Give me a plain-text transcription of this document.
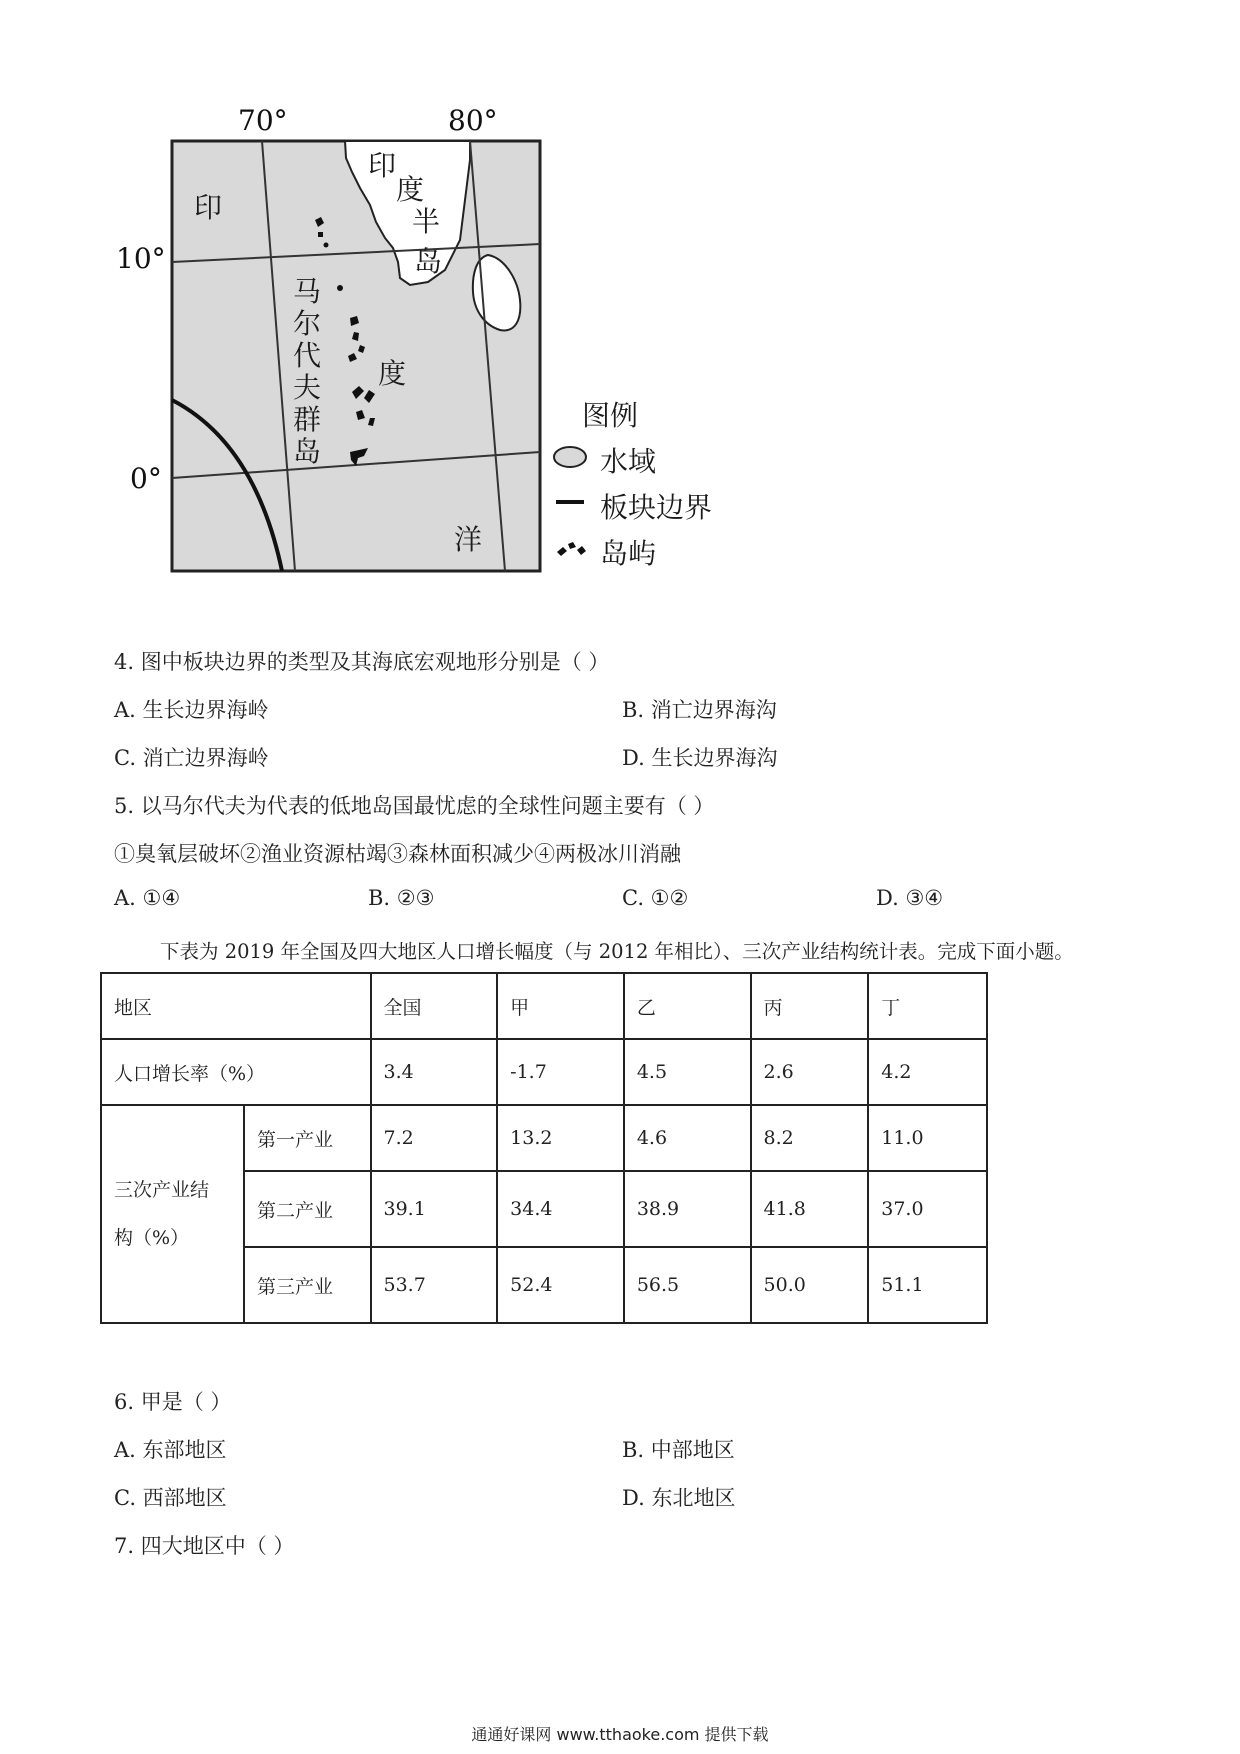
70°	80°
10°
0°
印
度
半
岛
马
尔
代
夫
群
岛
印
度
洋
图例
水域
板块边界
岛屿
4. 图中板块边界的类型及其海底宏观地形分别是（ ）
A. 生长边界海岭	B. 消亡边界海沟
C. 消亡边界海岭	D. 生长边界海沟
5. 以马尔代夫为代表的低地岛国最忧虑的全球性问题主要有（ ）
①臭氧层破坏②渔业资源枯竭③森林面积减少④两极冰川消融
A. ①④	B. ②③	C. ①②	D. ③④
下表为 2019 年全国及四大地区人口增长幅度（与 2012 年相比）、三次产业结构统计表。完成下面小题。
地区		全国	甲	乙	丙	丁
人口增长率（%）		3.4	-1.7	4.5	2.6	4.2

三次产业结构（%）	第一产业	7.2	13.2	4.6	8.2	11.0
	第二产业	39.1	34.4	38.9	41.8	37.0
	第三产业	53.7	52.4	56.5	50.0	51.1
6. 甲是（ ）
A. 东部地区	B. 中部地区
C. 西部地区	D. 东北地区
7. 四大地区中（ ）
通通好课网 www.tthaoke.com 提供下载
